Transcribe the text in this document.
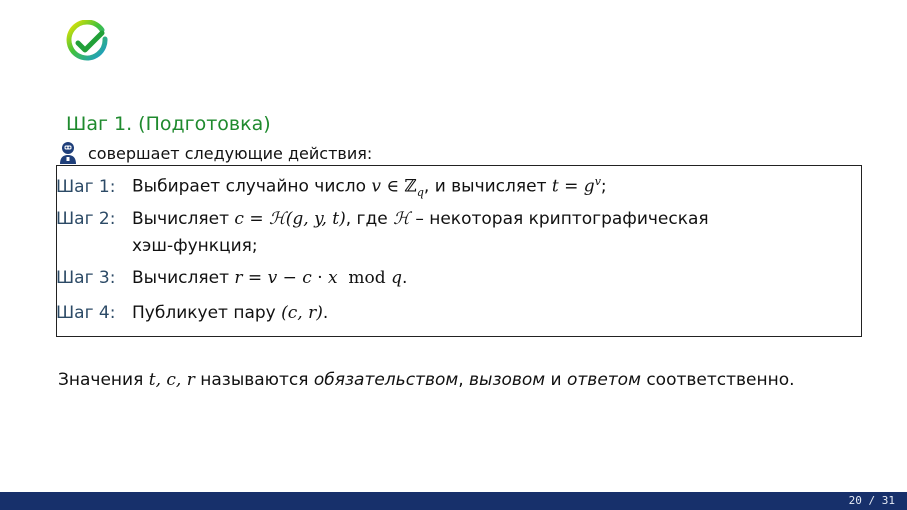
Шаг 1. (Подготовка)
совершает следующие действия:
Шаг 1: Выбирает случайно число v ∈ ℤ$_q$, и вычисляет $t = g^v$;
Шаг 2: Вычисляет c = ℋ(g, y, t), где ℋ – некоторая криптографическая
хэш-функция;
Шаг 3: Вычисляет r = v − c · x  mod q.
Шаг 4: Публикует пару (c, r).
Значения t, c, r называются обязательством, вызовом и ответом соответственно.
20 / 31
